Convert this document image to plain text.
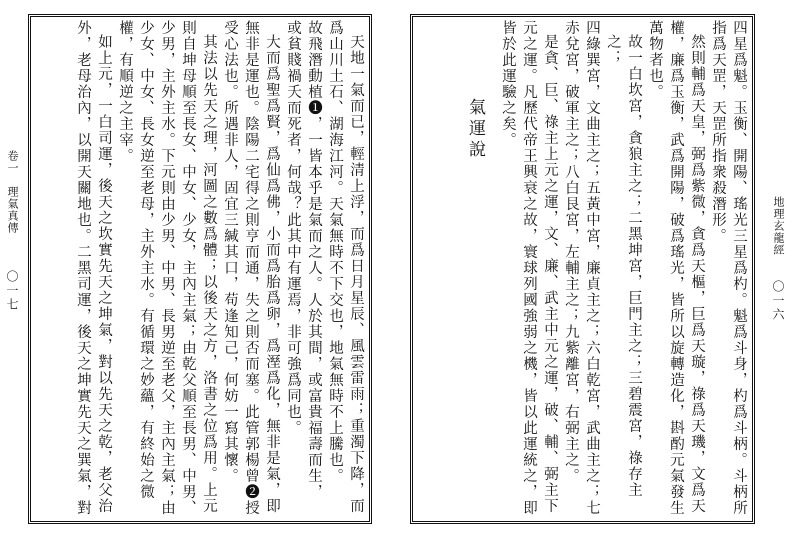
四星爲魁。玉衡、開陽、瑤光三星爲杓。魁爲斗身，杓爲斗柄。斗柄所

指爲天罡，天罡所指衆殺潛形。

然則輔爲天皇，弼爲紫微，貪爲天樞，巨爲天璇，祿爲天璣，文爲天

權，廉爲玉衡，武爲開陽，破爲瑤光，皆所以旋轉造化，斟酌元氣發生

萬物者也。

故一白坎宮，貪狼主之；二黑坤宮，巨門主之；三碧震宮，祿存主之；

四綠巽宮，文曲主之；五黃中宮，廉貞主之；六白乾宮，武曲主之；七

赤兌宮，破軍主之；八白艮宮，左輔主之；九紫離宮，右弼主之。

是貪、巨、祿主上元之運，文、廉、武主中元之運，破、輔、弼主下

元之運。凡歷代帝王興衰之故，寰球列國強弱之機，皆以此運統之，即

皆於此運驗之矣。

氣運說

天地一氣而已，輕清上浮，而爲日月星辰、風雲雷雨；重濁下降，而

爲山川土石、湖海江河。天氣無時不下交也，地氣無時不上騰也。

故飛潛動植❶，一皆本乎是氣而之人。人於其間，或富貴福壽而生，

或貧賤禍夭而死者，何哉？此其中有運焉，非可強爲同也。

大而爲聖爲賢，爲仙爲佛，小而爲胎爲卵，爲溼爲化，無非是氣，即

無非是運也。陰陽二宅得之則亨而通，失之則否而塞。此管郭楊曾❷授

受心法也。所遇非人，固宜三緘其口，苟逢知己，何妨一寫其懷。

其法以先天之理，河圖之數爲體；以後天之方，洛書之位爲用。上元

則自坤母順至長女、中女、少女，主內主氣；由乾父順至長男、中男、

少男，主外主水。下元則由少男、中男、長男逆至老父，主內主氣；由

少女、中女、長女逆至老母，主外主水。有循環之妙蘊，有終始之微

權，有順逆之主宰。

如上元，一白司運，後天之坎實先天之坤氣，對以先天之乾，老父治

外，老母治內，以開天關地也。二黑司運，後天之坤實先天之巽氣，對

卷一　理氣真傳
〇一七
地理玄龍經
〇一六
